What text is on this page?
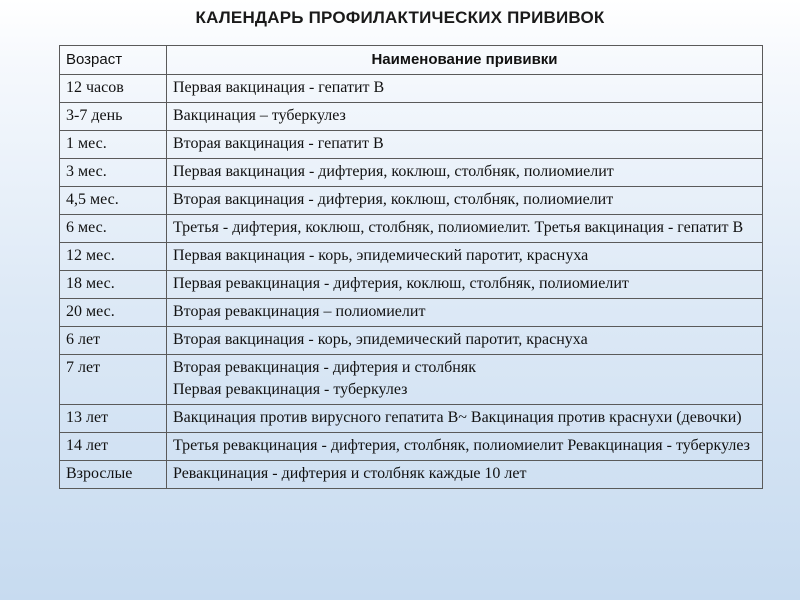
КАЛЕНДАРЬ ПРОФИЛАКТИЧЕСКИХ ПРИВИВОК
Возраст	Наименование прививки
12 часов	Первая вакцинация - гепатит В

3-7 день	Вакцинация – туберкулез

1 мес.	Вторая вакцинация - гепатит В

3 мес.	Первая вакцинация - дифтерия, коклюш, столбняк, полиомиелит

4,5 мес.	Вторая вакцинация - дифтерия, коклюш, столбняк, полиомиелит

6 мес.	Третья - дифтерия, коклюш, столбняк, полиомиелит. Третья вакцинация - гепатит В

12 мес.	Первая вакцинация - корь, эпидемический паротит, краснуха

18 мес.	Первая ревакцинация - дифтерия, коклюш, столбняк, полиомиелит

20 мес.	Вторая ревакцинация – полиомиелит

6 лет	Вторая вакцинация - корь, эпидемический паротит, краснуха

7 лет	Вторая ревакцинация - дифтерия и столбняк
Первая ревакцинация - туберкулез

13 лет	Вакцинация против вирусного гепатита В~ Вакцинация против краснухи (девочки)

14 лет	Третья ревакцинация - дифтерия, столбняк, полиомиелит Ревакцинация - туберкулез

Взрослые	Ревакцинация - дифтерия и столбняк каждые 10 лет
